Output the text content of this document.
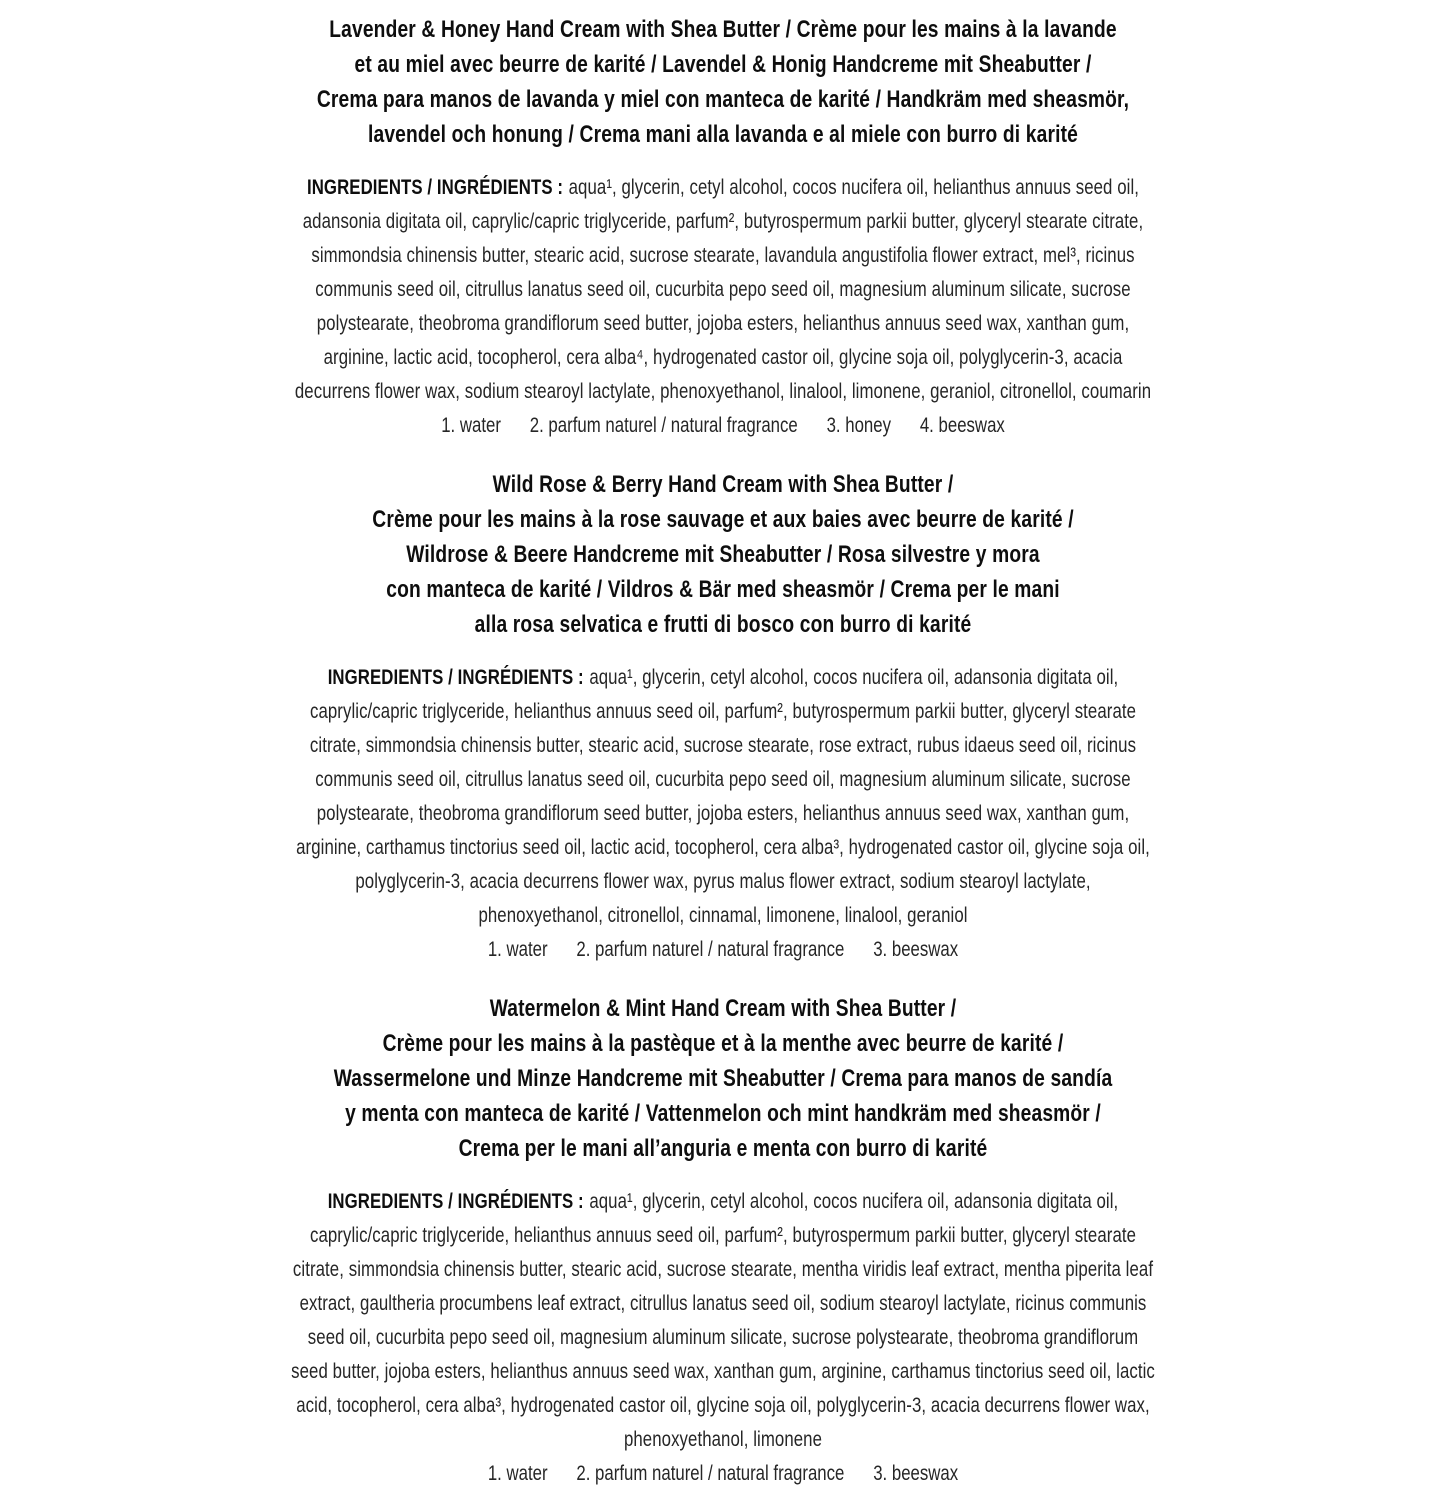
Lavender & Honey Hand Cream with Shea Butter / Crème pour les mains à la lavande
et au miel avec beurre de karité / Lavendel & Honig Handcreme mit Sheabutter /
Crema para manos de lavanda y miel con manteca de karité / Handkräm med sheasmör,
lavendel och honung / Crema mani alla lavanda e al miele con burro di karité

INGREDIENTS / INGRÉDIENTS : aqua¹, glycerin, cetyl alcohol, cocos nucifera oil, helianthus annuus seed oil, adansonia digitata oil, caprylic/capric triglyceride, parfum², butyrospermum parkii butter, glyceryl stearate citrate, simmondsia chinensis butter, stearic acid, sucrose stearate, lavandula angustifolia flower extract, mel³, ricinus communis seed oil, citrullus lanatus seed oil, cucurbita pepo seed oil, magnesium aluminum silicate, sucrose polystearate, theobroma grandiflorum seed butter, jojoba esters, helianthus annuus seed wax, xanthan gum, arginine, lactic acid, tocopherol, cera alba⁴, hydrogenated castor oil, glycine soja oil, polyglycerin-3, acacia decurrens flower wax, sodium stearoyl lactylate, phenoxyethanol, linalool, limonene, geraniol, citronellol, coumarin

1. water 2. parfum naturel / natural fragrance 3. honey 4. beeswax
Wild Rose & Berry Hand Cream with Shea Butter /
Crème pour les mains à la rose sauvage et aux baies avec beurre de karité /
Wildrose & Beere Handcreme mit Sheabutter / Rosa silvestre y mora
con manteca de karité / Vildros & Bär med sheasmör / Crema per le mani
alla rosa selvatica e frutti di bosco con burro di karité

INGREDIENTS / INGRÉDIENTS : aqua¹, glycerin, cetyl alcohol, cocos nucifera oil, adansonia digitata oil, caprylic/capric triglyceride, helianthus annuus seed oil, parfum², butyrospermum parkii butter, glyceryl stearate citrate, simmondsia chinensis butter, stearic acid, sucrose stearate, rose extract, rubus idaeus seed oil, ricinus communis seed oil, citrullus lanatus seed oil, cucurbita pepo seed oil, magnesium aluminum silicate, sucrose polystearate, theobroma grandiflorum seed butter, jojoba esters, helianthus annuus seed wax, xanthan gum, arginine, carthamus tinctorius seed oil, lactic acid, tocopherol, cera alba³, hydrogenated castor oil, glycine soja oil, polyglycerin-3, acacia decurrens flower wax, pyrus malus flower extract, sodium stearoyl lactylate, phenoxyethanol, citronellol, cinnamal, limonene, linalool, geraniol

1. water 2. parfum naturel / natural fragrance 3. beeswax
Watermelon & Mint Hand Cream with Shea Butter /
Crème pour les mains à la pastèque et à la menthe avec beurre de karité /
Wassermelone und Minze Handcreme mit Sheabutter / Crema para manos de sandía
y menta con manteca de karité / Vattenmelon och mint handkräm med sheasmör /
Crema per le mani all’anguria e menta con burro di karité

INGREDIENTS / INGRÉDIENTS : aqua¹, glycerin, cetyl alcohol, cocos nucifera oil, adansonia digitata oil, caprylic/capric triglyceride, helianthus annuus seed oil, parfum², butyrospermum parkii butter, glyceryl stearate citrate, simmondsia chinensis butter, stearic acid, sucrose stearate, mentha viridis leaf extract, mentha piperita leaf extract, gaultheria procumbens leaf extract, citrullus lanatus seed oil, sodium stearoyl lactylate, ricinus communis seed oil, cucurbita pepo seed oil, magnesium aluminum silicate, sucrose polystearate, theobroma grandiflorum seed butter, jojoba esters, helianthus annuus seed wax, xanthan gum, arginine, carthamus tinctorius seed oil, lactic acid, tocopherol, cera alba³, hydrogenated castor oil, glycine soja oil, polyglycerin-3, acacia decurrens flower wax, phenoxyethanol, limonene

1. water 2. parfum naturel / natural fragrance 3. beeswax
